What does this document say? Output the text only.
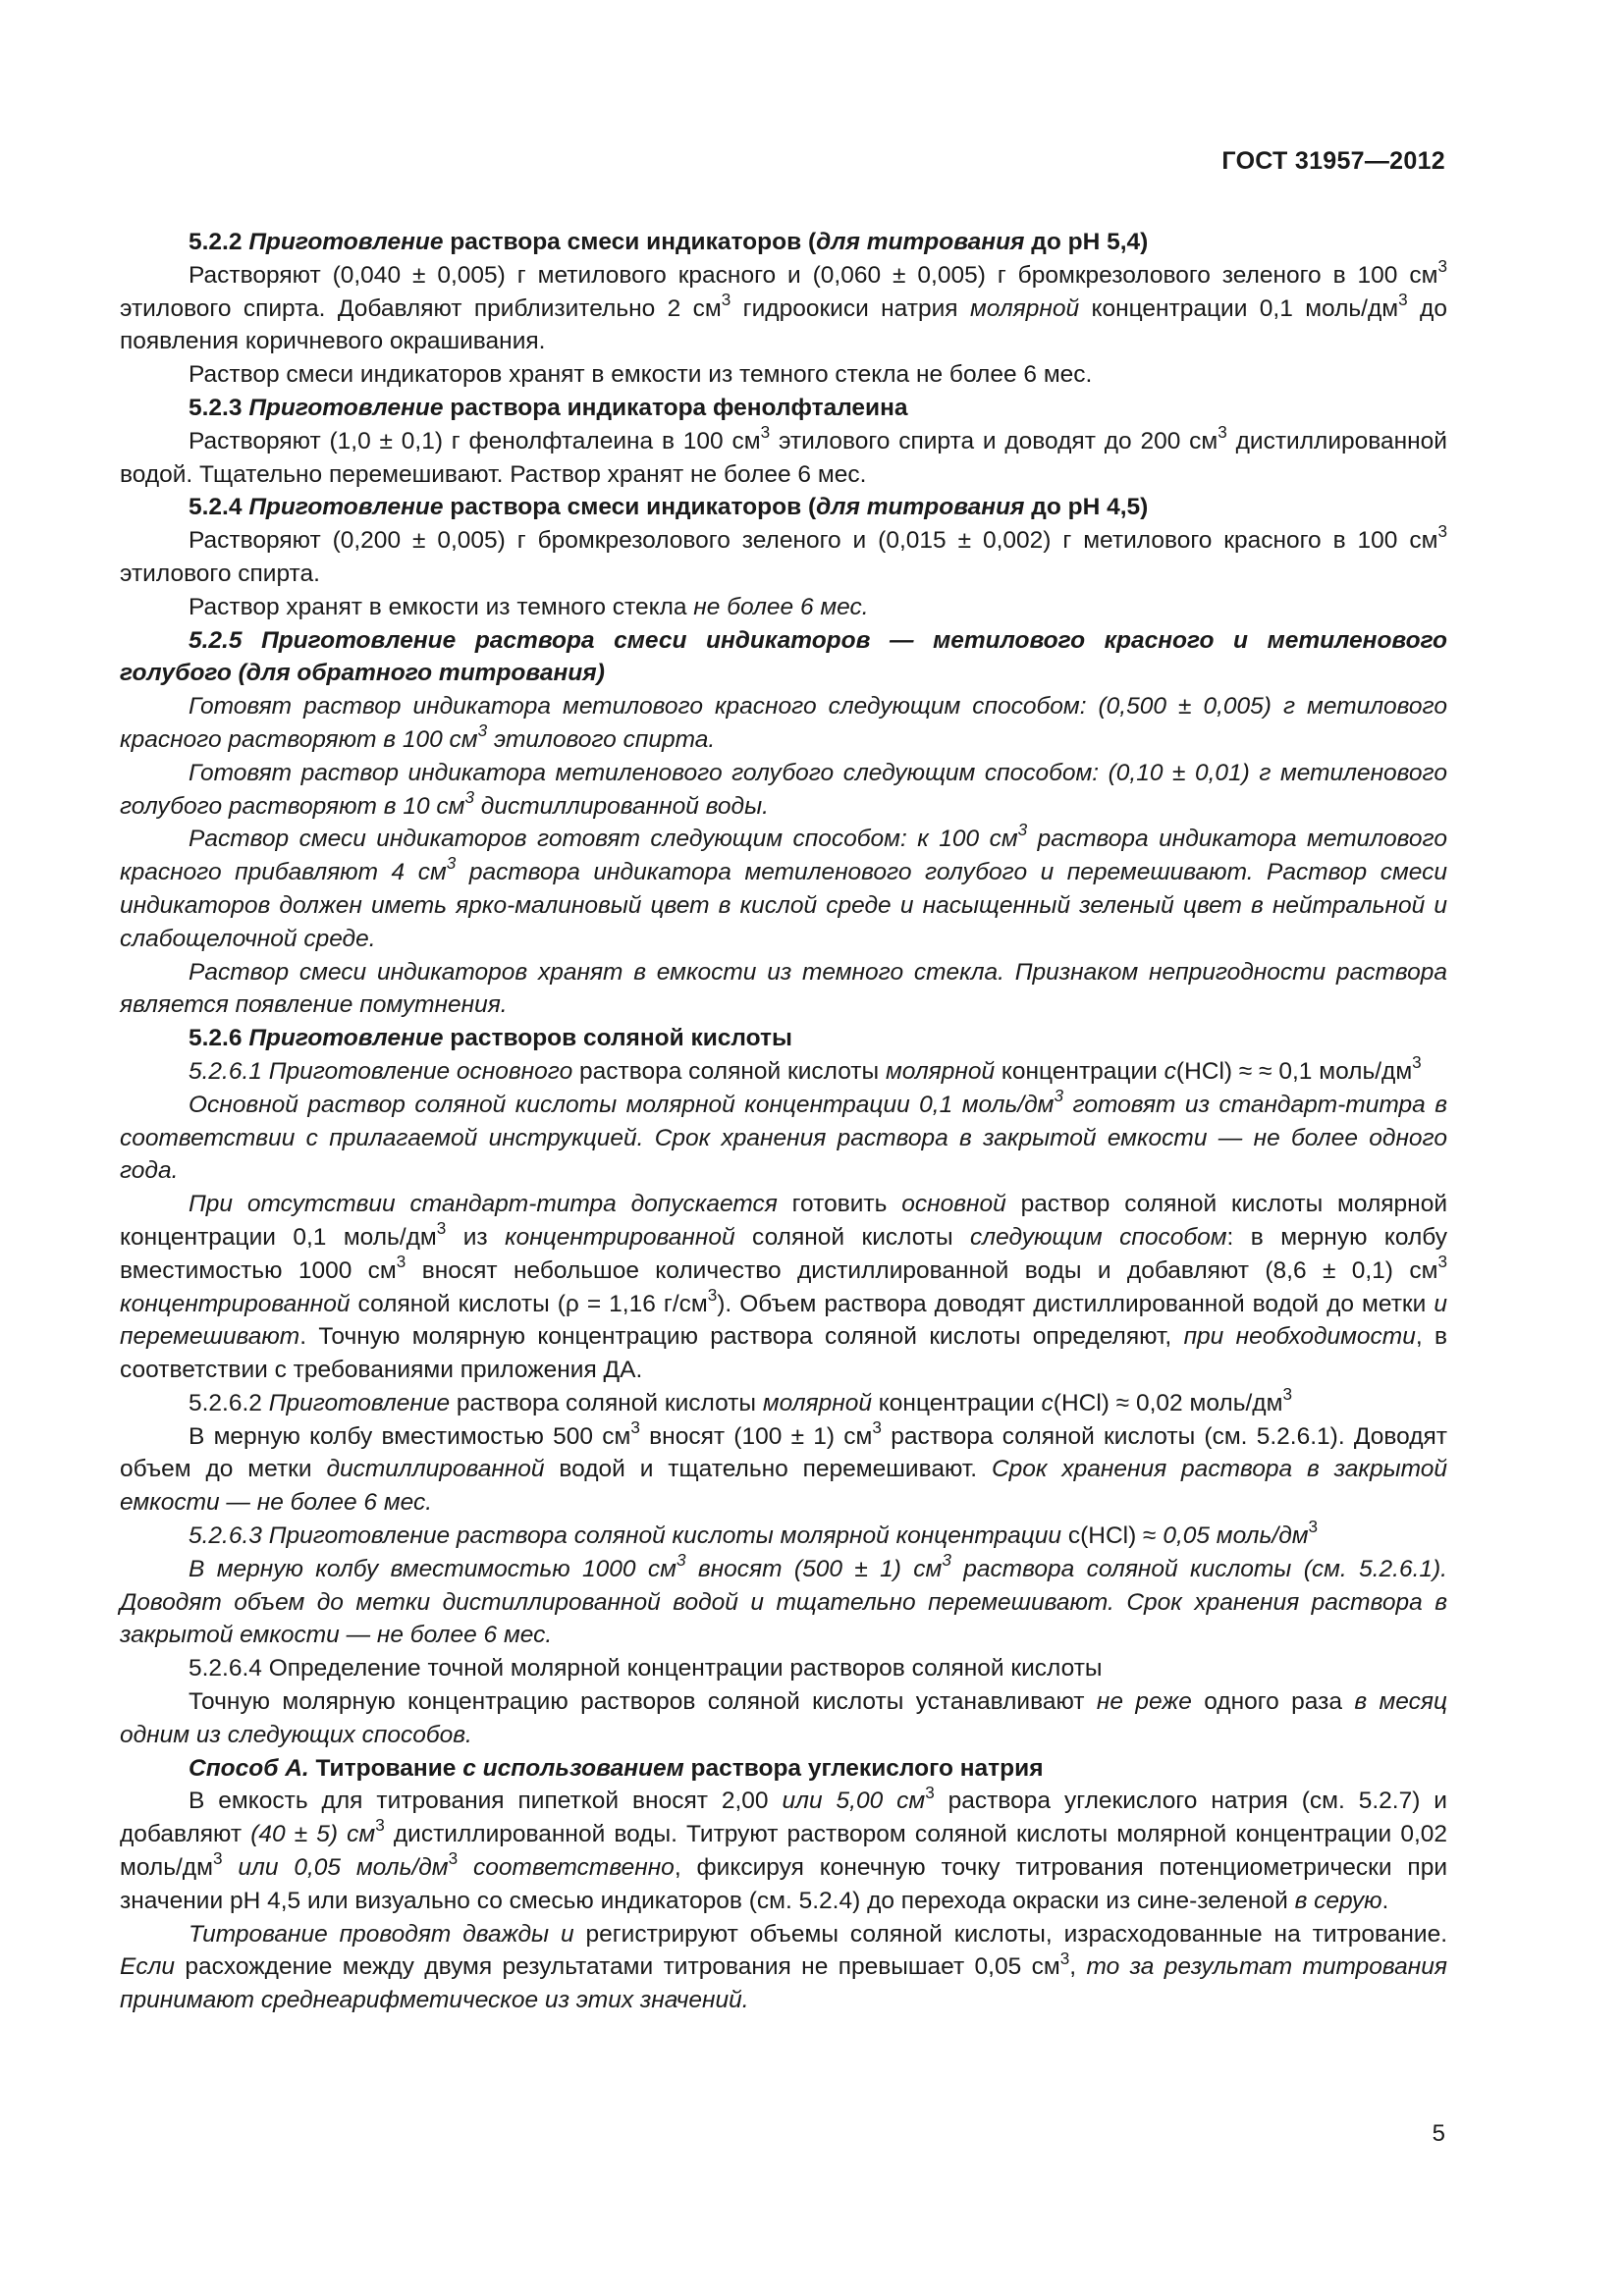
ГОСТ 31957—2012

5.2.2 Приготовление раствора смеси индикаторов (для титрования до pH 5,4)

Растворяют (0,040 ± 0,005) г метилового красного и (0,060 ± 0,005) г бромкрезолового зеленого в 100 $см^3$ этилового спирта. Добавляют приблизительно 2 $см^3$ гидроокиси натрия молярной концентрации 0,1 моль/$дм^3$ до появления коричневого окрашивания.

Раствор смеси индикаторов хранят в емкости из темного стекла не более 6 мес.

5.2.3 Приготовление раствора индикатора фенолфталеина

Растворяют (1,0 ± 0,1) г фенолфталеина в 100 $см^3$ этилового спирта и доводят до 200 $см^3$ дистиллированной водой. Тщательно перемешивают. Раствор хранят не более 6 мес.

5.2.4 Приготовление раствора смеси индикаторов (для титрования до pH 4,5)

Растворяют (0,200 ± 0,005) г бромкрезолового зеленого и (0,015 ± 0,002) г метилового красного в 100 $см^3$ этилового спирта.

Раствор хранят в емкости из темного стекла не более 6 мес.

5.2.5 Приготовление раствора смеси индикаторов — метилового красного и метиленового голубого (для обратного титрования)

Готовят раствор индикатора метилового красного следующим способом: (0,500 ± 0,005) г метилового красного растворяют в 100 $см^3$ этилового спирта.

Готовят раствор индикатора метиленового голубого следующим способом: (0,10 ± 0,01) г метиленового голубого растворяют в 10 $см^3$ дистиллированной воды.

Раствор смеси индикаторов готовят следующим способом: к 100 $см^3$ раствора индикатора метилового красного прибавляют 4 $см^3$ раствора индикатора метиленового голубого и перемешивают. Раствор смеси индикаторов должен иметь ярко-малиновый цвет в кислой среде и насыщенный зеленый цвет в нейтральной и слабощелочной среде.

Раствор смеси индикаторов хранят в емкости из темного стекла. Признаком непригодности раствора является появление помутнения.

5.2.6 Приготовление растворов соляной кислоты

5.2.6.1 Приготовление основного раствора соляной кислоты молярной концентрации с(HCl) ≈ ≈ 0,1 моль/$дм^3$

Основной раствор соляной кислоты молярной концентрации 0,1 моль/$дм^3$ готовят из стандарт-титра в соответствии с прилагаемой инструкцией. Срок хранения раствора в закрытой емкости — не более одного года.

При отсутствии стандарт-титра допускается готовить основной раствор соляной кислоты молярной концентрации 0,1 моль/$дм^3$ из концентрированной соляной кислоты следующим способом: в мерную колбу вместимостью 1000 $см^3$ вносят небольшое количество дистиллированной воды и добавляют (8,6 ± 0,1) $см^3$ концентрированной соляной кислоты (ρ = 1,16 $г/см^3$). Объем раствора доводят дистиллированной водой до метки и перемешивают. Точную молярную концентрацию раствора соляной кислоты определяют, при необходимости, в соответствии с требованиями приложения ДА.

5.2.6.2 Приготовление раствора соляной кислоты молярной концентрации с(HCl) ≈ 0,02 моль/$дм^3$

В мерную колбу вместимостью 500 $см^3$ вносят (100 ± 1) $см^3$ раствора соляной кислоты (см. 5.2.6.1). Доводят объем до метки дистиллированной водой и тщательно перемешивают. Срок хранения раствора в закрытой емкости — не более 6 мес.

5.2.6.3 Приготовление раствора соляной кислоты молярной концентрации с(HCl) ≈ 0,05 моль/$дм^3$

В мерную колбу вместимостью 1000 $см^3$ вносят (500 ± 1) $см^3$ раствора соляной кислоты (см. 5.2.6.1). Доводят объем до метки дистиллированной водой и тщательно перемешивают. Срок хранения раствора в закрытой емкости — не более 6 мес.

5.2.6.4 Определение точной молярной концентрации растворов соляной кислоты

Точную молярную концентрацию растворов соляной кислоты устанавливают не реже одного раза в месяц одним из следующих способов.

Способ А. Титрование с использованием раствора углекислого натрия

В емкость для титрования пипеткой вносят 2,00 или 5,00 $см^3$ раствора углекислого натрия (см. 5.2.7) и добавляют (40 ± 5) $см^3$ дистиллированной воды. Титруют раствором соляной кислоты молярной концентрации 0,02 моль/$дм^3$ или 0,05 моль/$дм^3$ соответственно, фиксируя конечную точку титрования потенциометрически при значении pH 4,5 или визуально со смесью индикаторов (см. 5.2.4) до перехода окраски из сине-зеленой в серую.

Титрование проводят дважды и регистрируют объемы соляной кислоты, израсходованные на титрование. Если расхождение между двумя результатами титрования не превышает 0,05 $см^3$, то за результат титрования принимают среднеарифметическое из этих значений.

5
